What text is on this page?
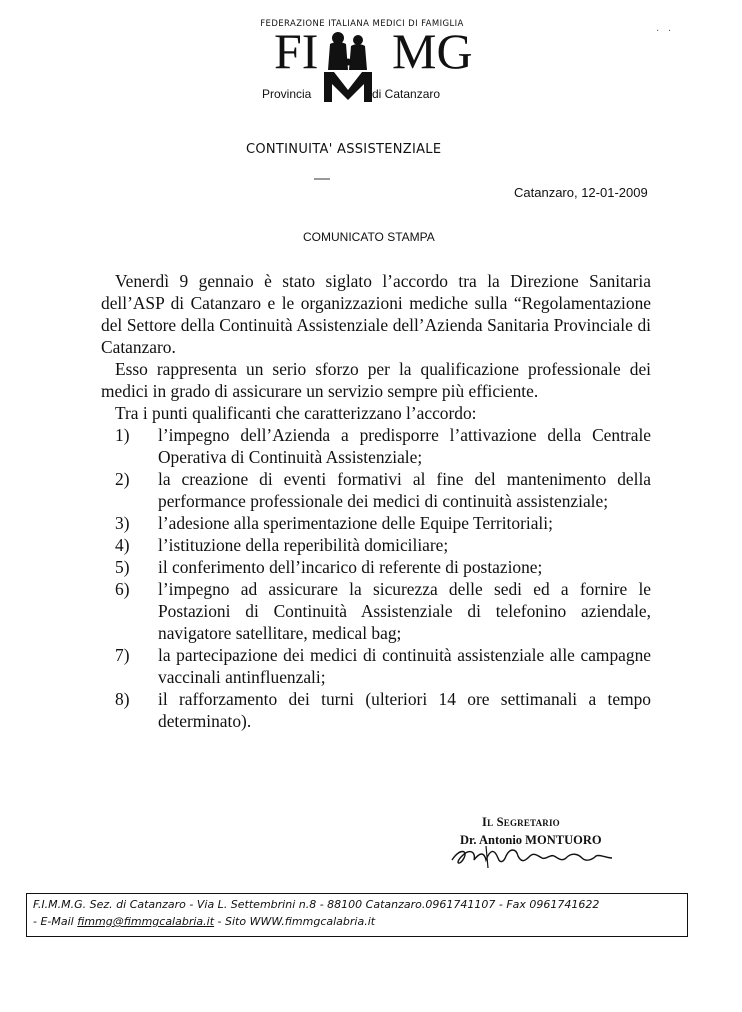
FEDERAZIONE ITALIANA MEDICI DI FAMIGLIA
FI MG
Provincia	di Catanzaro
· ·
CONTINUITA' ASSISTENZIALE
Catanzaro, 12-01-2009
COMUNICATO STAMPA

Venerdì 9 gennaio è stato siglato l’accordo tra la Direzione Sanitaria dell’ASP di Catanzaro e le organizzazioni mediche sulla “Regolamentazione del Settore della Continuità Assistenziale dell’Azienda Sanitaria Provinciale di Catanzaro.

Esso rappresenta un serio sforzo per la qualificazione professionale dei medici in grado di assicurare un servizio sempre più efficiente.

Tra i punti qualificanti che caratterizzano l’accordo:

1)	l’impegno dell’Azienda a predisporre l’attivazione della Centrale Operativa di Continuità Assistenziale;
2)	la creazione di eventi formativi al fine del mantenimento della performance professionale dei medici di continuità assistenziale;
3)	l’adesione alla sperimentazione delle Equipe Territoriali;
4)	l’istituzione della reperibilità domiciliare;
5)	il conferimento dell’incarico di referente di postazione;
6)	l’impegno ad assicurare la sicurezza delle sedi ed a fornire le Postazioni di Continuità Assistenziale di telefonino aziendale, navigatore satellitare, medical bag;
7)	la partecipazione dei medici di continuità assistenziale alle campagne vaccinali antinfluenzali;
8)	il rafforzamento dei turni (ulteriori 14 ore settimanali a tempo determinato).
Il Segretario
Dr. Antonio MONTUORO
F.I.M.M.G. Sez. di Catanzaro - Via L. Settembrini n.8 - 88100 Catanzaro.0961741107 - Fax 0961741622
- E-Mail fimmg@fimmgcalabria.it - Sito WWW.fimmgcalabria.it
